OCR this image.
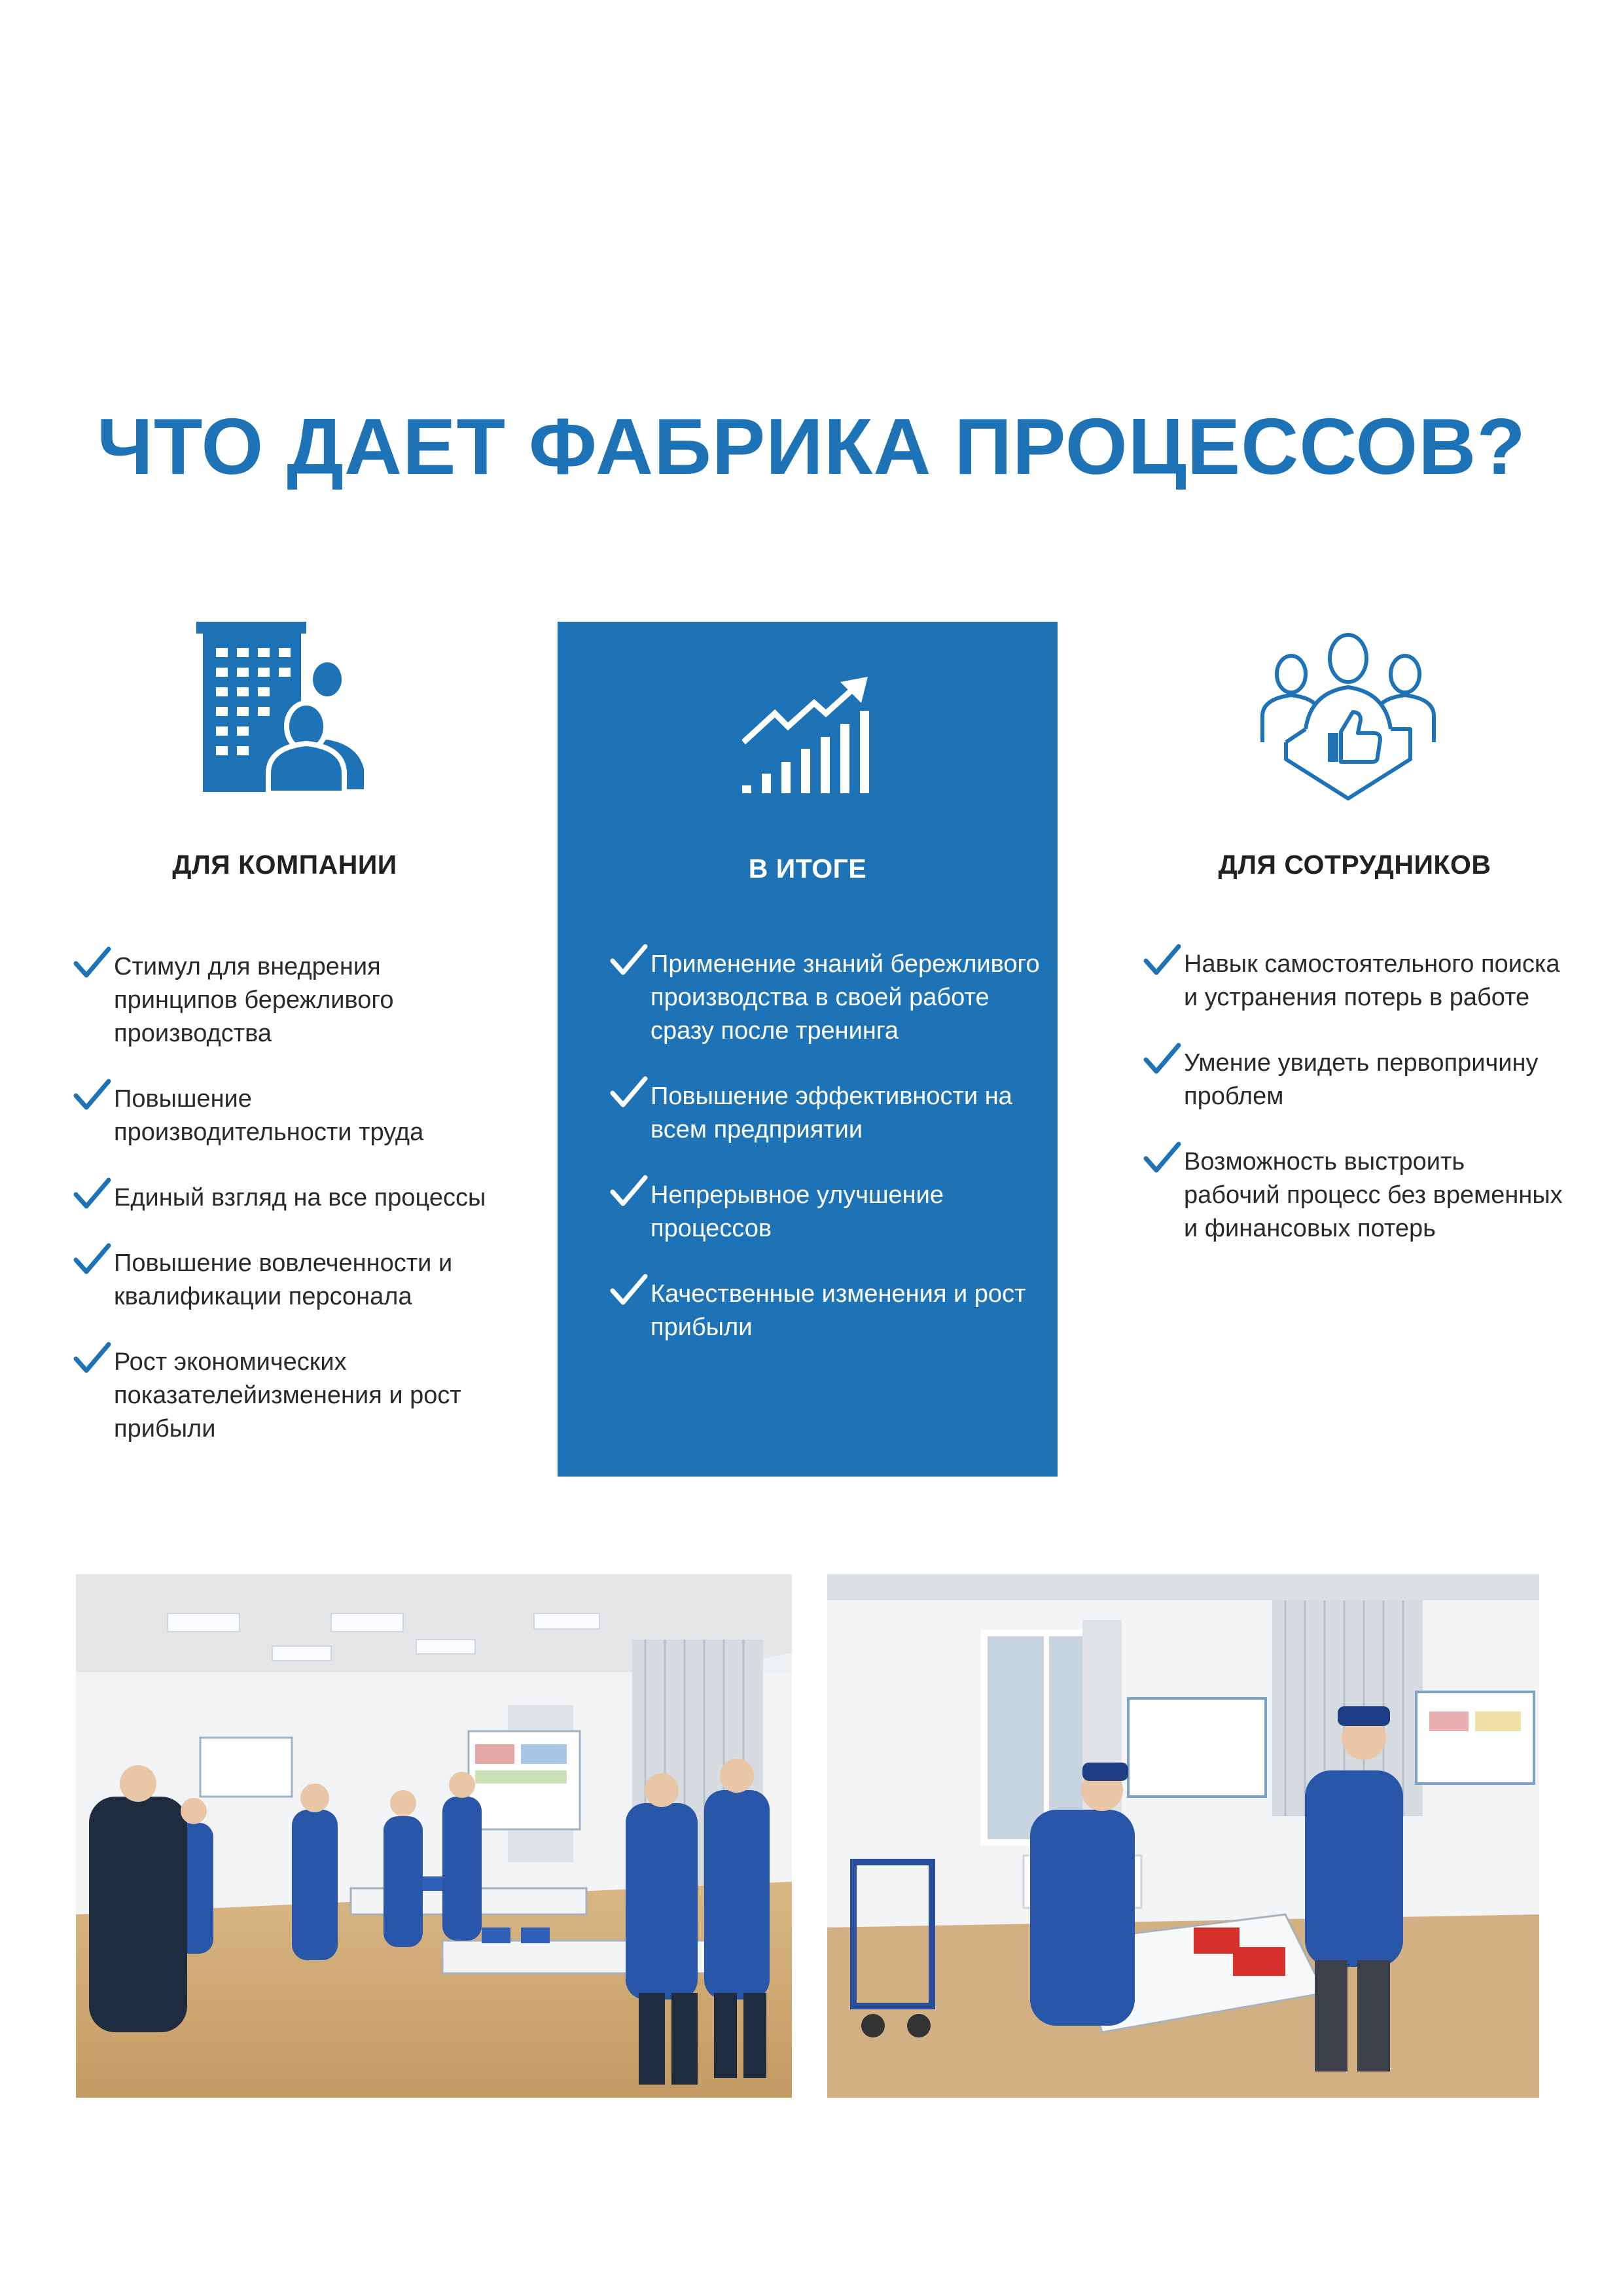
ЧТО ДАЕТ ФАБРИКА ПРОЦЕССОВ?
ДЛЯ КОМПАНИИ
Стимул для внедрения принципов бережливого производства
Повышение производительности труда
Единый взгляд на все процессы
Повышение вовлеченности и квалификации персонала
Рост экономических показателейизменения и рост прибыли
В ИТОГЕ
Применение знаний бережливого производства в своей работе сразу после тренинга
Повышение эффективности на всем предприятии
Непрерывное улучшение процессов
Качественные изменения и рост прибыли
ДЛЯ СОТРУДНИКОВ
Навык самостоятельного поиска и устранения потерь в работе
Умение увидеть первопричину проблем
Возможность выстроить рабочий процесс без временных и финансовых потерь
